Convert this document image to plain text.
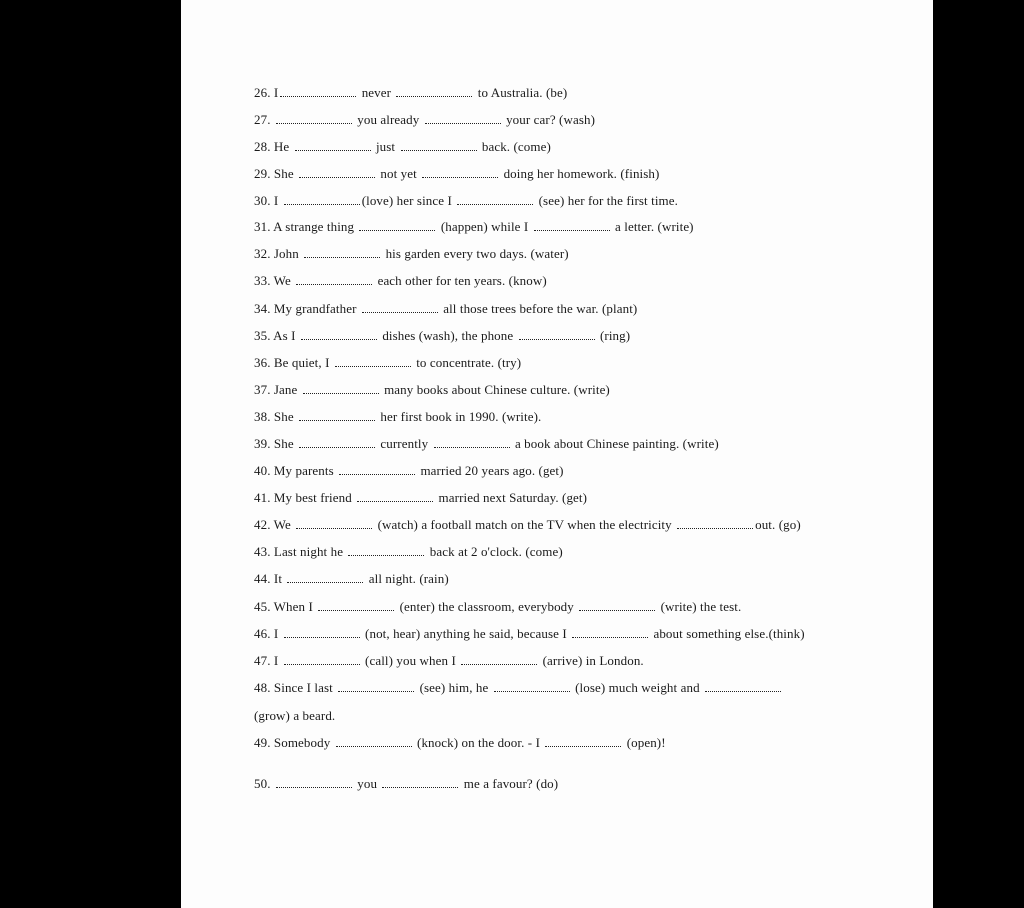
26. I	never	to Australia. (be)
27.	you already	your car? (wash)
28. He	just	back. (come)
29. She	not yet	doing her homework. (finish)
30. I	(love) her since I	(see) her for the first time.
31. A strange thing	(happen) while I	a letter. (write)
32. John	his garden every two days. (water)
33. We	each other for ten years. (know)
34. My grandfather	all those trees before the war. (plant)
35. As I	dishes (wash), the phone	(ring)
36. Be quiet, I	to concentrate. (try)
37. Jane	many books about Chinese culture. (write)
38. She	her first book in 1990. (write).
39. She	currently	a book about Chinese painting. (write)
40. My parents	married 20 years ago. (get)
41. My best friend	married next Saturday. (get)
42. We	(watch) a football match on the TV when the electricity	out. (go)
43. Last night he	back at 2 o'clock. (come)
44. It	all night. (rain)
45. When I	(enter) the classroom, everybody	(write) the test.
46. I	(not, hear) anything he said, because I	about something else.(think)
47. I	(call) you when I	(arrive) in London.
48. Since I last	(see) him, he	(lose) much weight and
(grow) a beard.
49. Somebody	(knock) on the door. - I	(open)!
50.	you	me a favour? (do)
